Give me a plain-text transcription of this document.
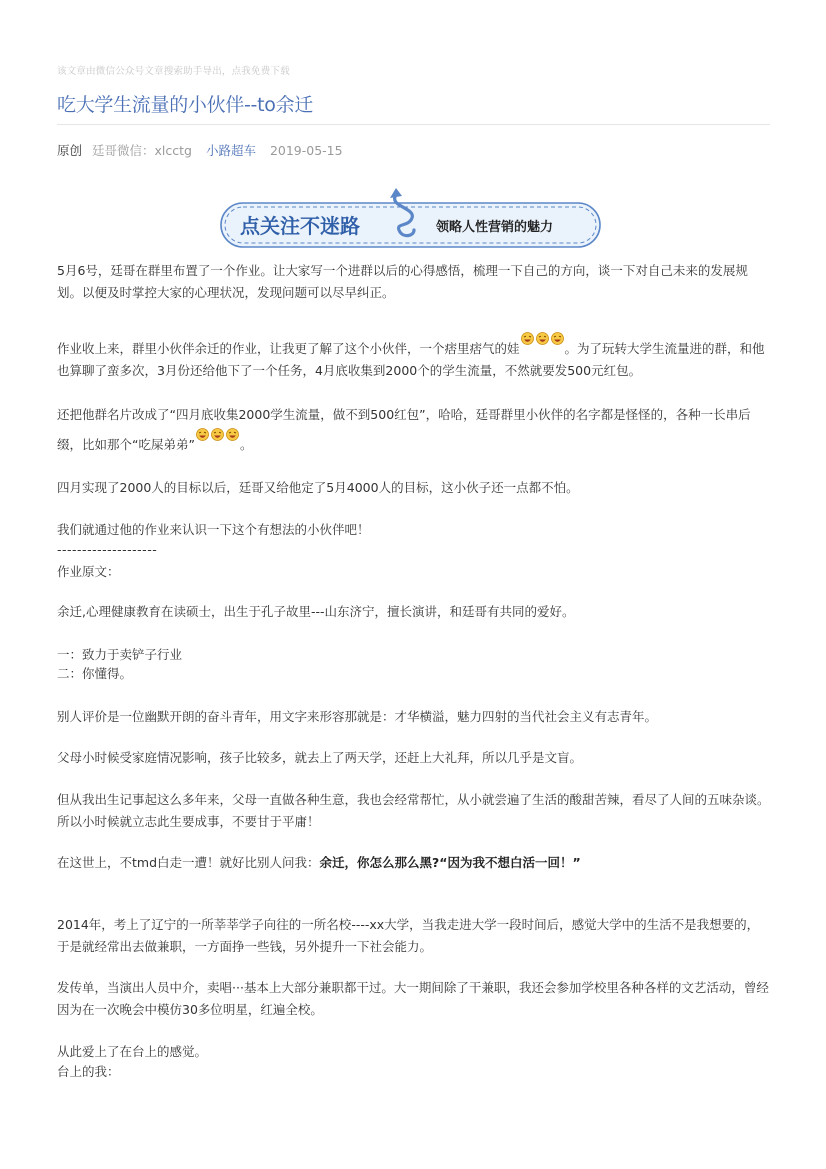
该文章由微信公众号文章搜索助手导出，点我免费下载
吃大学生流量的小伙伴--to余迁
原创 廷哥微信：xlcctg 小路超车 2019-05-15
点关注不迷路	领略人性营销的魅力

5月6号，廷哥在群里布置了一个作业。让大家写一个进群以后的心得感悟，梳理一下自己的方向，谈一下对自己未来的发展规划。以便及时掌控大家的心理状况，发现问题可以尽早纠正。

作业收上来，群里小伙伴余迁的作业，让我更了解了这个小伙伴，一个痞里痞气的娃	。为了玩转大学生流量进的群，和他也算聊了蛮多次，3月份还给他下了一个任务，4月底收集到2000个的学生流量，不然就要发500元红包。

还把他群名片改成了“四月底收集2000学生流量，做不到500红包”，哈哈，廷哥群里小伙伴的名字都是怪怪的，各种一长串后缀，比如那个“吃屎弟弟”	。

四月实现了2000人的目标以后，廷哥又给他定了5月4000人的目标，这小伙子还一点都不怕。

我们就通过他的作业来认识一下这个有想法的小伙伴吧！

--------------------

作业原文：

余迁,心理健康教育在读硕士，出生于孔子故里---山东济宁，擅长演讲，和廷哥有共同的爱好。

一：致力于卖铲子行业

二：你懂得。

别人评价是一位幽默开朗的奋斗青年，用文字来形容那就是：才华横溢，魅力四射的当代社会主义有志青年。

父母小时候受家庭情况影响，孩子比较多，就去上了两天学，还赶上大礼拜，所以几乎是文盲。

但从我出生记事起这么多年来，父母一直做各种生意，我也会经常帮忙，从小就尝遍了生活的酸甜苦辣，看尽了人间的五味杂谈。所以小时候就立志此生要成事，不要甘于平庸！

在这世上，不tmd白走一遭！就好比别人问我：余迁，你怎么那么黑?“因为我不想白活一回！”

2014年，考上了辽宁的一所莘莘学子向往的一所名校----xx大学，当我走进大学一段时间后，感觉大学中的生活不是我想要的，于是就经常出去做兼职，一方面挣一些钱，另外提升一下社会能力。

发传单，当演出人员中介，卖唱···基本上大部分兼职都干过。大一期间除了干兼职，我还会参加学校里各种各样的文艺活动，曾经因为在一次晚会中模仿30多位明星，红遍全校。

从此爱上了在台上的感觉。

台上的我：
